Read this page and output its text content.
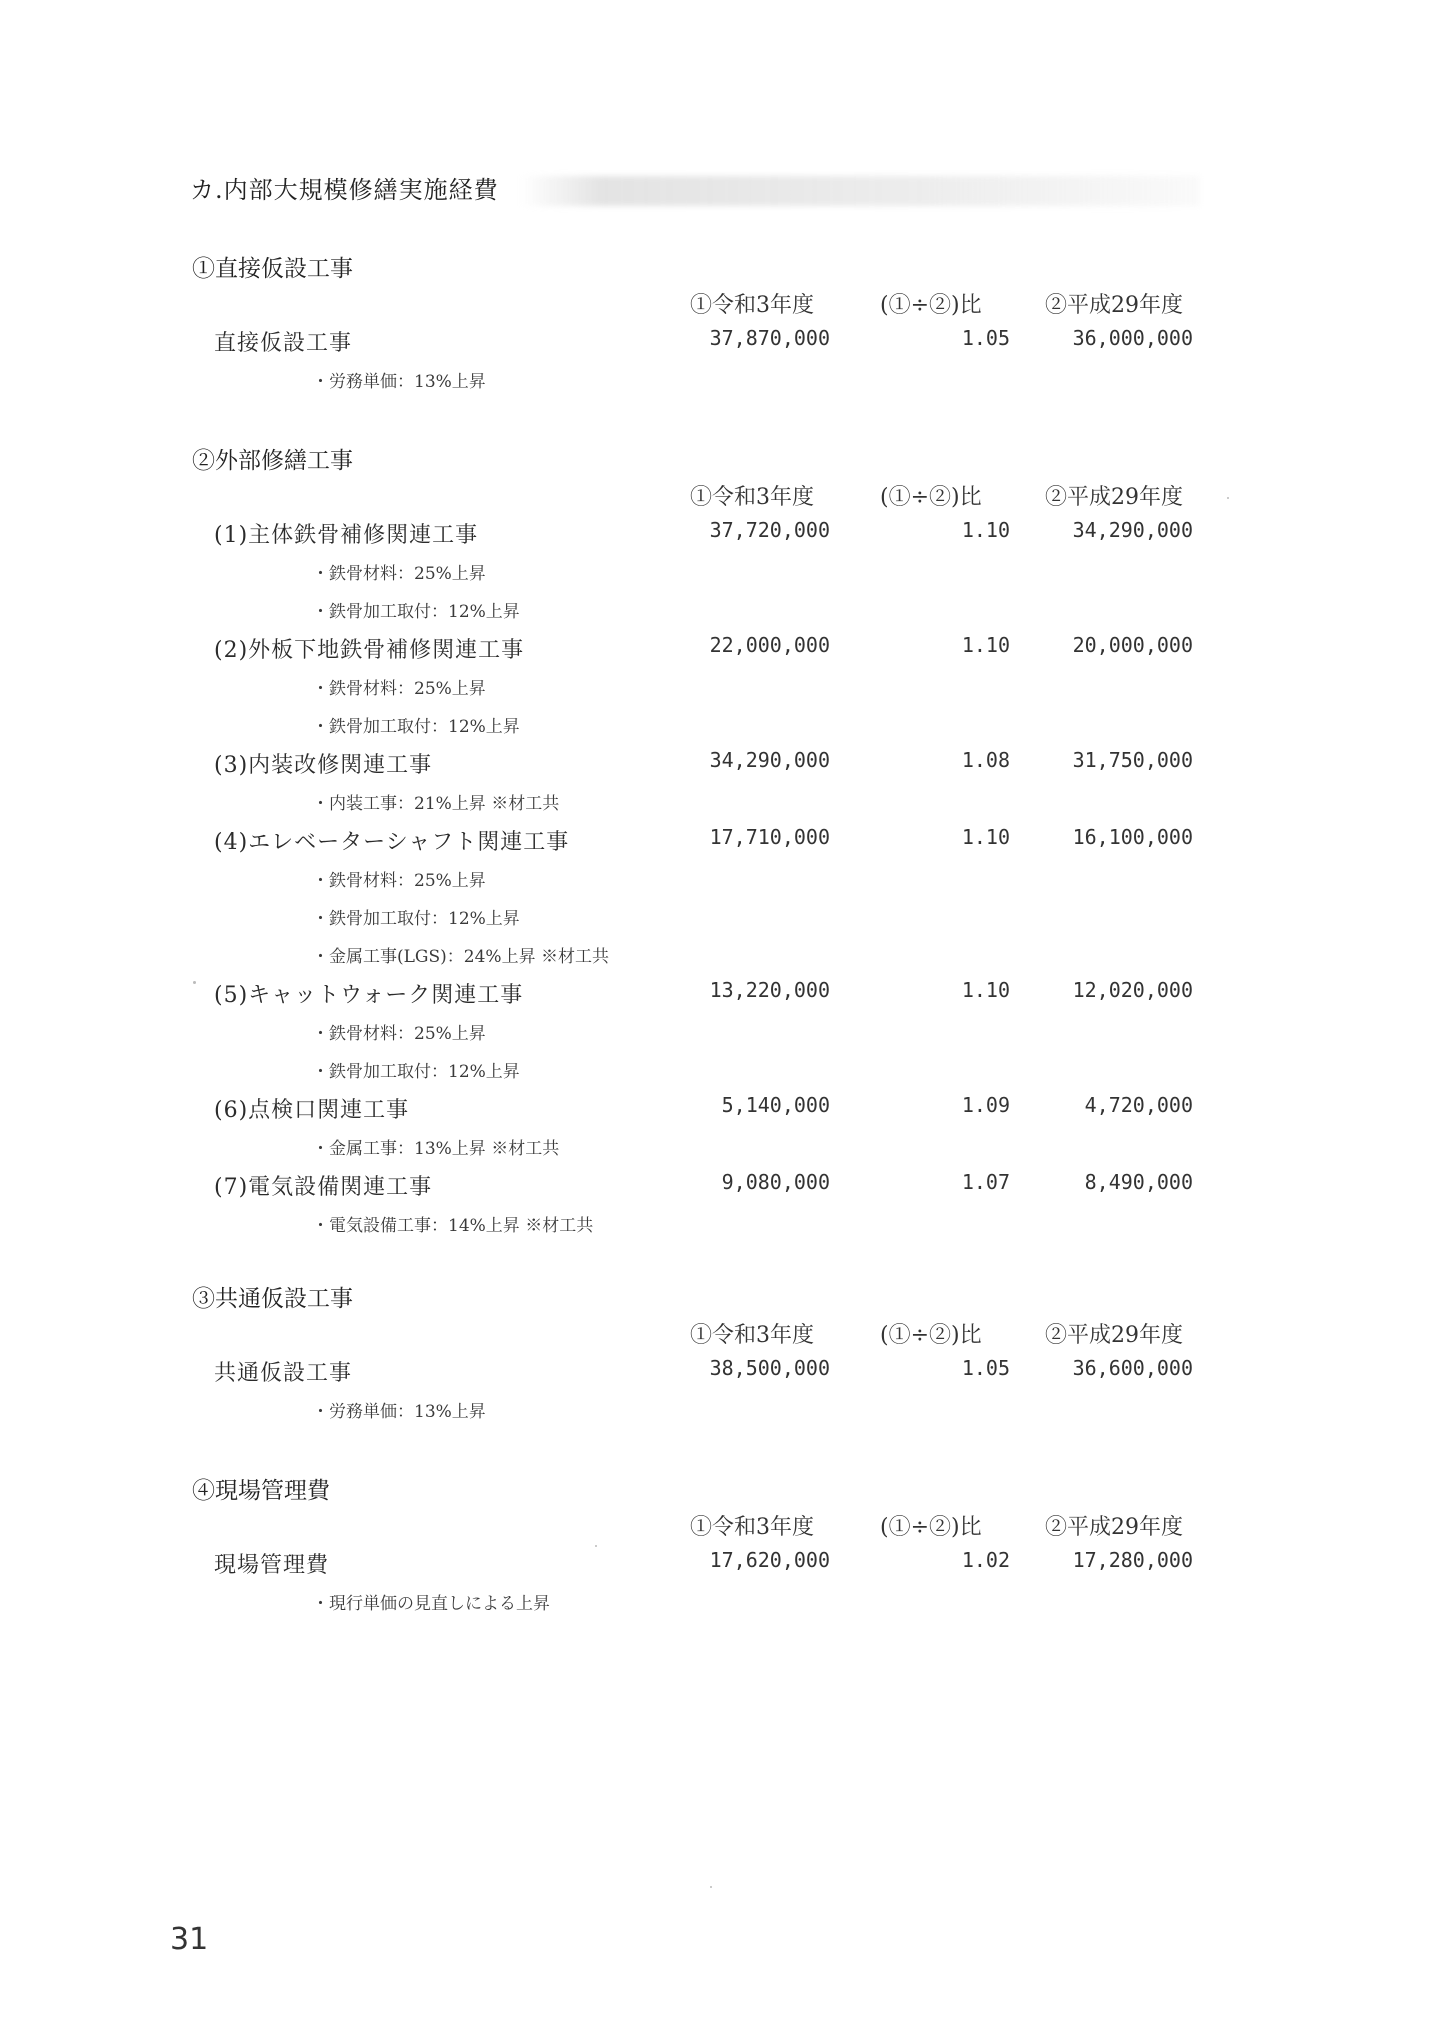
カ.内部大規模修繕実施経費
①直接仮設工事
①令和3年度	(①÷②)比	②平成29年度
直接仮設工事	37,870,000	1.05	36,000,000
・労務単価：13%上昇
②外部修繕工事
①令和3年度	(①÷②)比	②平成29年度
(1)主体鉄骨補修関連工事	37,720,000	1.10	34,290,000
・鉄骨材料：25%上昇
・鉄骨加工取付：12%上昇
(2)外板下地鉄骨補修関連工事	22,000,000	1.10	20,000,000
・鉄骨材料：25%上昇
・鉄骨加工取付：12%上昇
(3)内装改修関連工事	34,290,000	1.08	31,750,000
・内装工事：21%上昇 ※材工共
(4)エレベーターシャフト関連工事	17,710,000	1.10	16,100,000
・鉄骨材料：25%上昇
・鉄骨加工取付：12%上昇
・金属工事(LGS)：24%上昇 ※材工共
(5)キャットウォーク関連工事	13,220,000	1.10	12,020,000
・鉄骨材料：25%上昇
・鉄骨加工取付：12%上昇
(6)点検口関連工事	5,140,000	1.09	4,720,000
・金属工事：13%上昇 ※材工共
(7)電気設備関連工事	9,080,000	1.07	8,490,000
・電気設備工事：14%上昇 ※材工共
③共通仮設工事
①令和3年度	(①÷②)比	②平成29年度
共通仮設工事	38,500,000	1.05	36,600,000
・労務単価：13%上昇
④現場管理費
①令和3年度	(①÷②)比	②平成29年度
現場管理費	17,620,000	1.02	17,280,000
・現行単価の見直しによる上昇
31
